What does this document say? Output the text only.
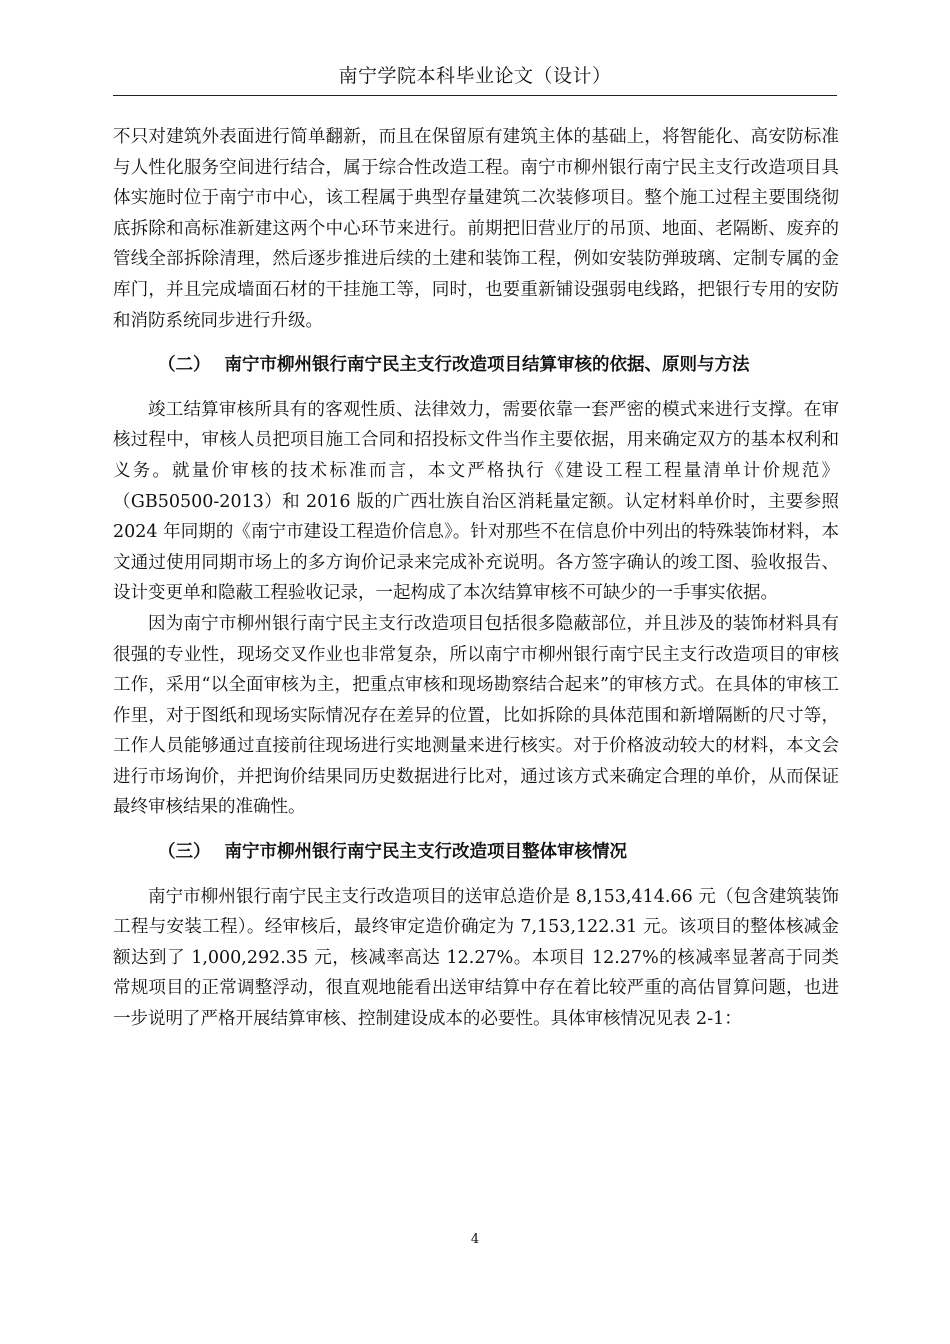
南宁学院本科毕业论文（设计）

不只对建筑外表面进行简单翻新，而且在保留原有建筑主体的基础上，将智能化、高安防标准与人性化服务空间进行结合，属于综合性改造工程。南宁市柳州银行南宁民主支行改造项目具体实施时位于南宁市中心，该工程属于典型存量建筑二次装修项目。整个施工过程主要围绕彻底拆除和高标准新建这两个中心环节来进行。前期把旧营业厅的吊顶、地面、老隔断、废弃的管线全部拆除清理，然后逐步推进后续的土建和装饰工程，例如安装防弹玻璃、定制专属的金库门，并且完成墙面石材的干挂施工等，同时，也要重新铺设强弱电线路，把银行专用的安防和消防系统同步进行升级。

（二） 南宁市柳州银行南宁民主支行改造项目结算审核的依据、原则与方法

竣工结算审核所具有的客观性质、法律效力，需要依靠一套严密的模式来进行支撑。在审核过程中，审核人员把项目施工合同和招投标文件当作主要依据，用来确定双方的基本权利和义务。就量价审核的技术标准而言，本文严格执行《建设工程工程量清单计价规范》（GB50500-2013）和 2016 版的广西壮族自治区消耗量定额。认定材料单价时，主要参照 2024 年同期的《南宁市建设工程造价信息》。针对那些不在信息价中列出的特殊装饰材料，本文通过使用同期市场上的多方询价记录来完成补充说明。各方签字确认的竣工图、验收报告、设计变更单和隐蔽工程验收记录，一起构成了本次结算审核不可缺少的一手事实依据。

因为南宁市柳州银行南宁民主支行改造项目包括很多隐蔽部位，并且涉及的装饰材料具有很强的专业性，现场交叉作业也非常复杂，所以南宁市柳州银行南宁民主支行改造项目的审核工作，采用“以全面审核为主，把重点审核和现场勘察结合起来”的审核方式。在具体的审核工作里，对于图纸和现场实际情况存在差异的位置，比如拆除的具体范围和新增隔断的尺寸等，工作人员能够通过直接前往现场进行实地测量来进行核实。对于价格波动较大的材料，本文会进行市场询价，并把询价结果同历史数据进行比对，通过该方式来确定合理的单价，从而保证最终审核结果的准确性。

（三） 南宁市柳州银行南宁民主支行改造项目整体审核情况

南宁市柳州银行南宁民主支行改造项目的送审总造价是 8,153,414.66 元（包含建筑装饰工程与安装工程）。经审核后，最终审定造价确定为 7,153,122.31 元。该项目的整体核减金额达到了 1,000,292.35 元，核减率高达 12.27%。本项目 12.27%的核减率显著高于同类常规项目的正常调整浮动，很直观地能看出送审结算中存在着比较严重的高估冒算问题，也进一步说明了严格开展结算审核、控制建设成本的必要性。具体审核情况见表 2-1：

4
